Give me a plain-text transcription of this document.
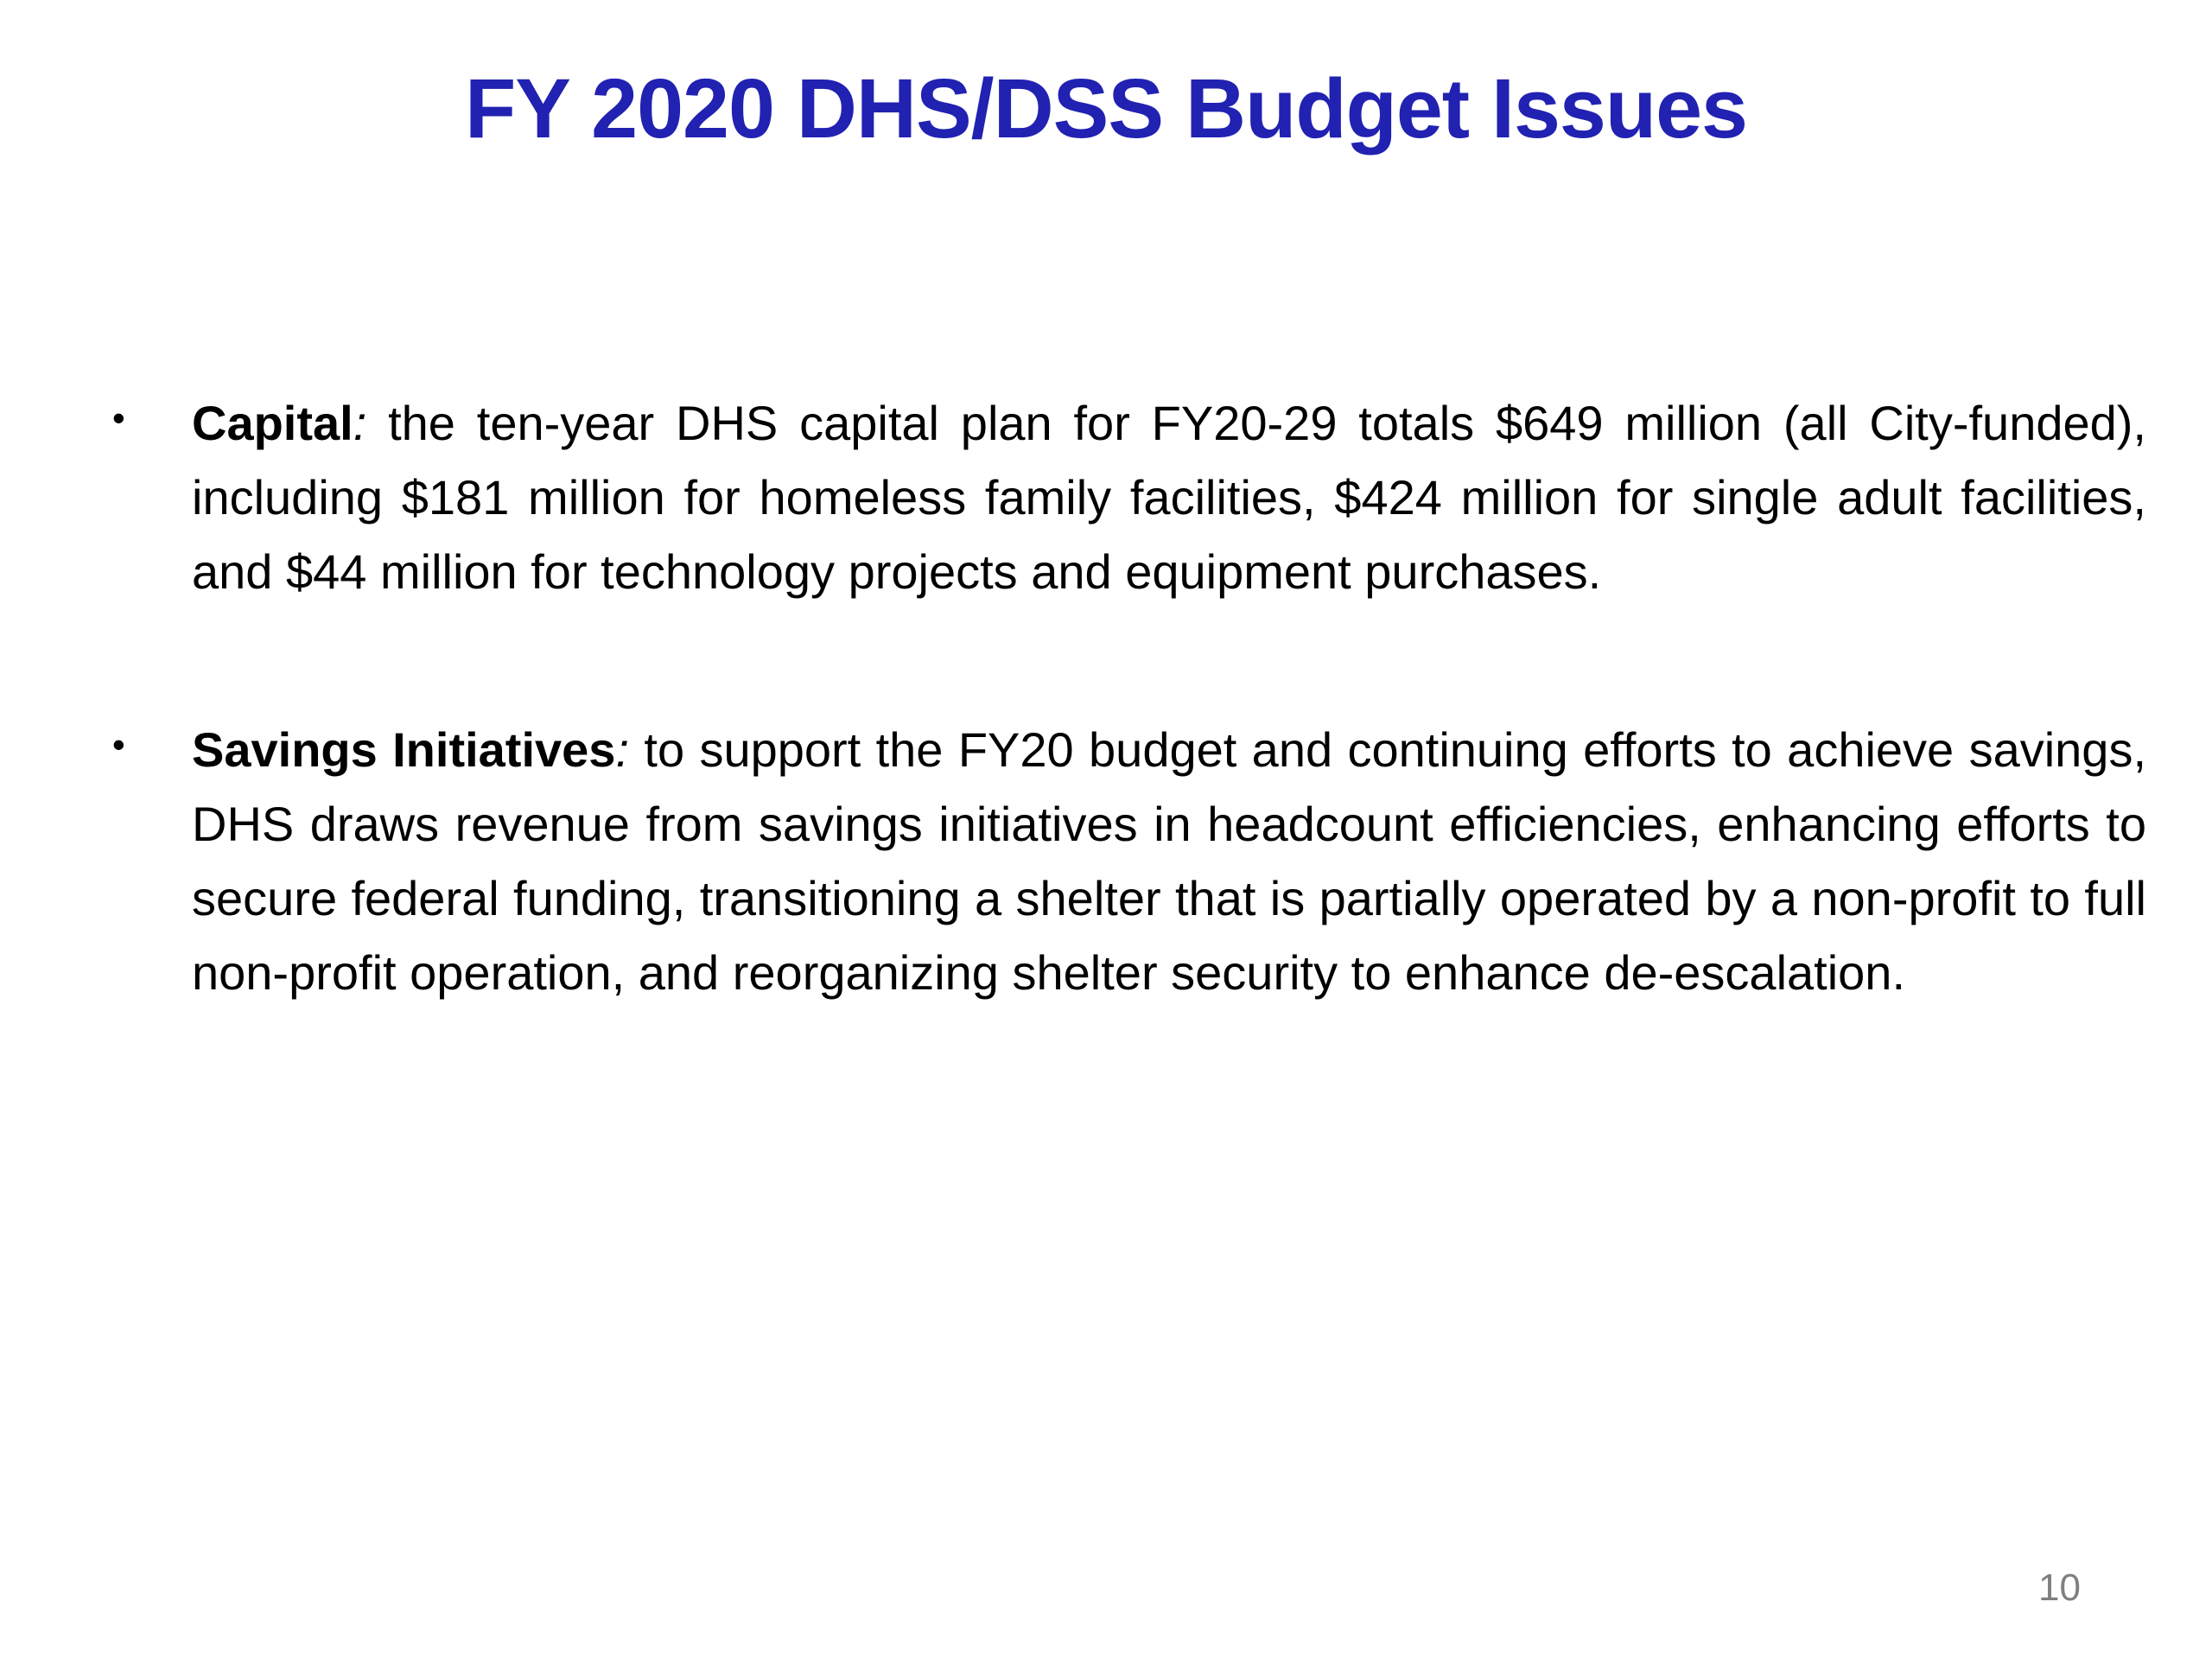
FY 2020 DHS/DSS Budget Issues
• Capital: the ten-year DHS capital plan for FY20-29 totals $649 million (all City-funded), including $181 million for homeless family facilities, $424 million for single adult facilities, and $44 million for technology projects and equipment purchases.

• Savings Initiatives: to support the FY20 budget and continuing efforts to achieve savings, DHS draws revenue from savings initiatives in headcount efficiencies, enhancing efforts to secure federal funding, transitioning a shelter that is partially operated by a non-profit to full non-profit operation, and reorganizing shelter security to enhance de-escalation.

10
